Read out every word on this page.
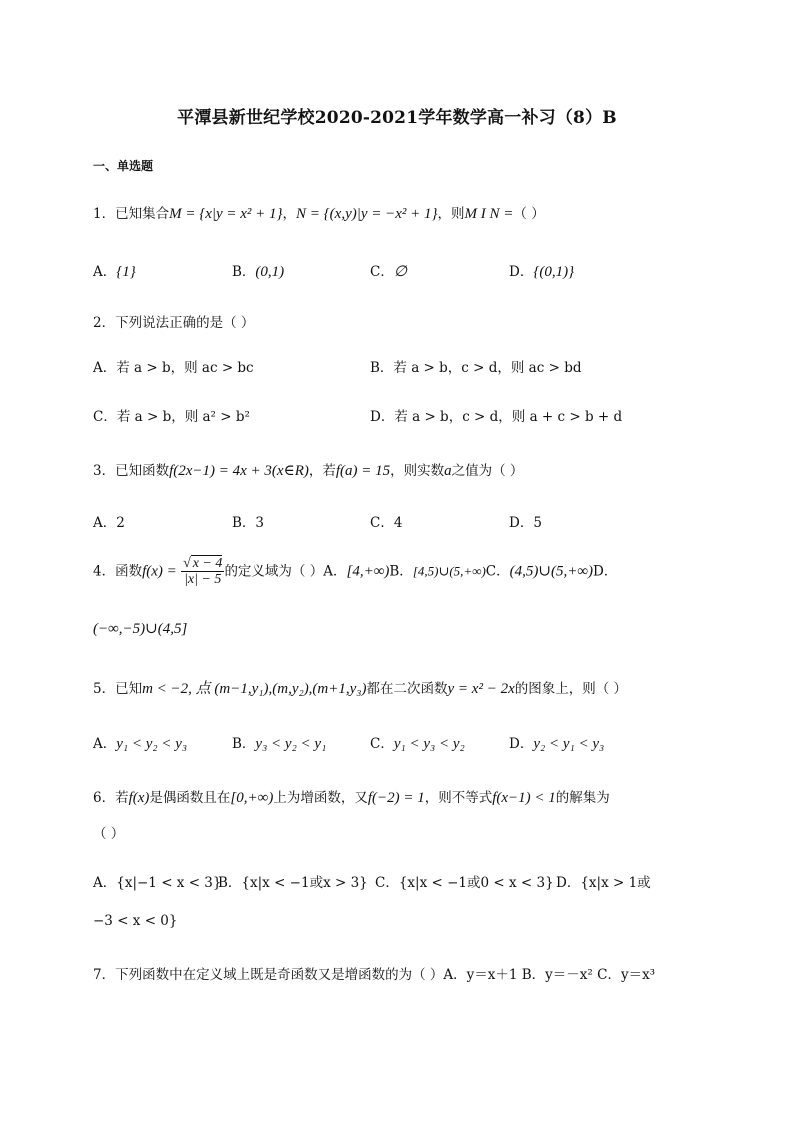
平潭县新世纪学校2020-2021学年数学高一补习（8）B
一、单选题
1．已知集合M = {x|y = x² + 1}，N = {(x,y)|y = −x² + 1}，则M I N =（ ）
A．{1}	B．(0,1)	C．∅	D．{(0,1)}
2．下列说法正确的是（ ）
A．若 a > b，则 ac > bc	B．若 a > b，c > d，则 ac > bd
C．若 a > b，则 a² > b²	D．若 a > b，c > d，则 a + c > b + d
3．已知函数f(2x−1) = 4x + 3(x∈R)，若f(a) = 15，则实数a之值为（ ）
A．2	B．3	C．4	D．5
4．函数$f(x) = \frac{√ x - 4}{|x| - 5}$ 的定义域为（ ）A．[4,+∞)B．[4,5)∪(5,+∞)C．(4,5)∪(5,+∞)D．
(−∞,−5)∪(4,5]
5．已知m < −2, 点 (m−1,y₁),(m,y₂),(m+1,y₃)都在二次函数y = x² − 2x的图象上，则（ ）
A．y₁ < y₂ < y₃	B．y₃ < y₂ < y₁	C．y₁ < y₃ < y₂	D．y₂ < y₁ < y₃
6．若f(x)是偶函数且在[0,+∞)上为增函数，又f(−2) = 1，则不等式f(x−1) < 1的解集为
（ ）
A．{x|−1 < x < 3}
B．{x|x < −1或x > 3} C．{x|x < −1或0 < x < 3} D．{x|x > 1或
−3 < x < 0}
7．下列函数中在定义域上既是奇函数又是增函数的为（ ）A．y＝x＋1 B．y＝－x² C．y＝x³
